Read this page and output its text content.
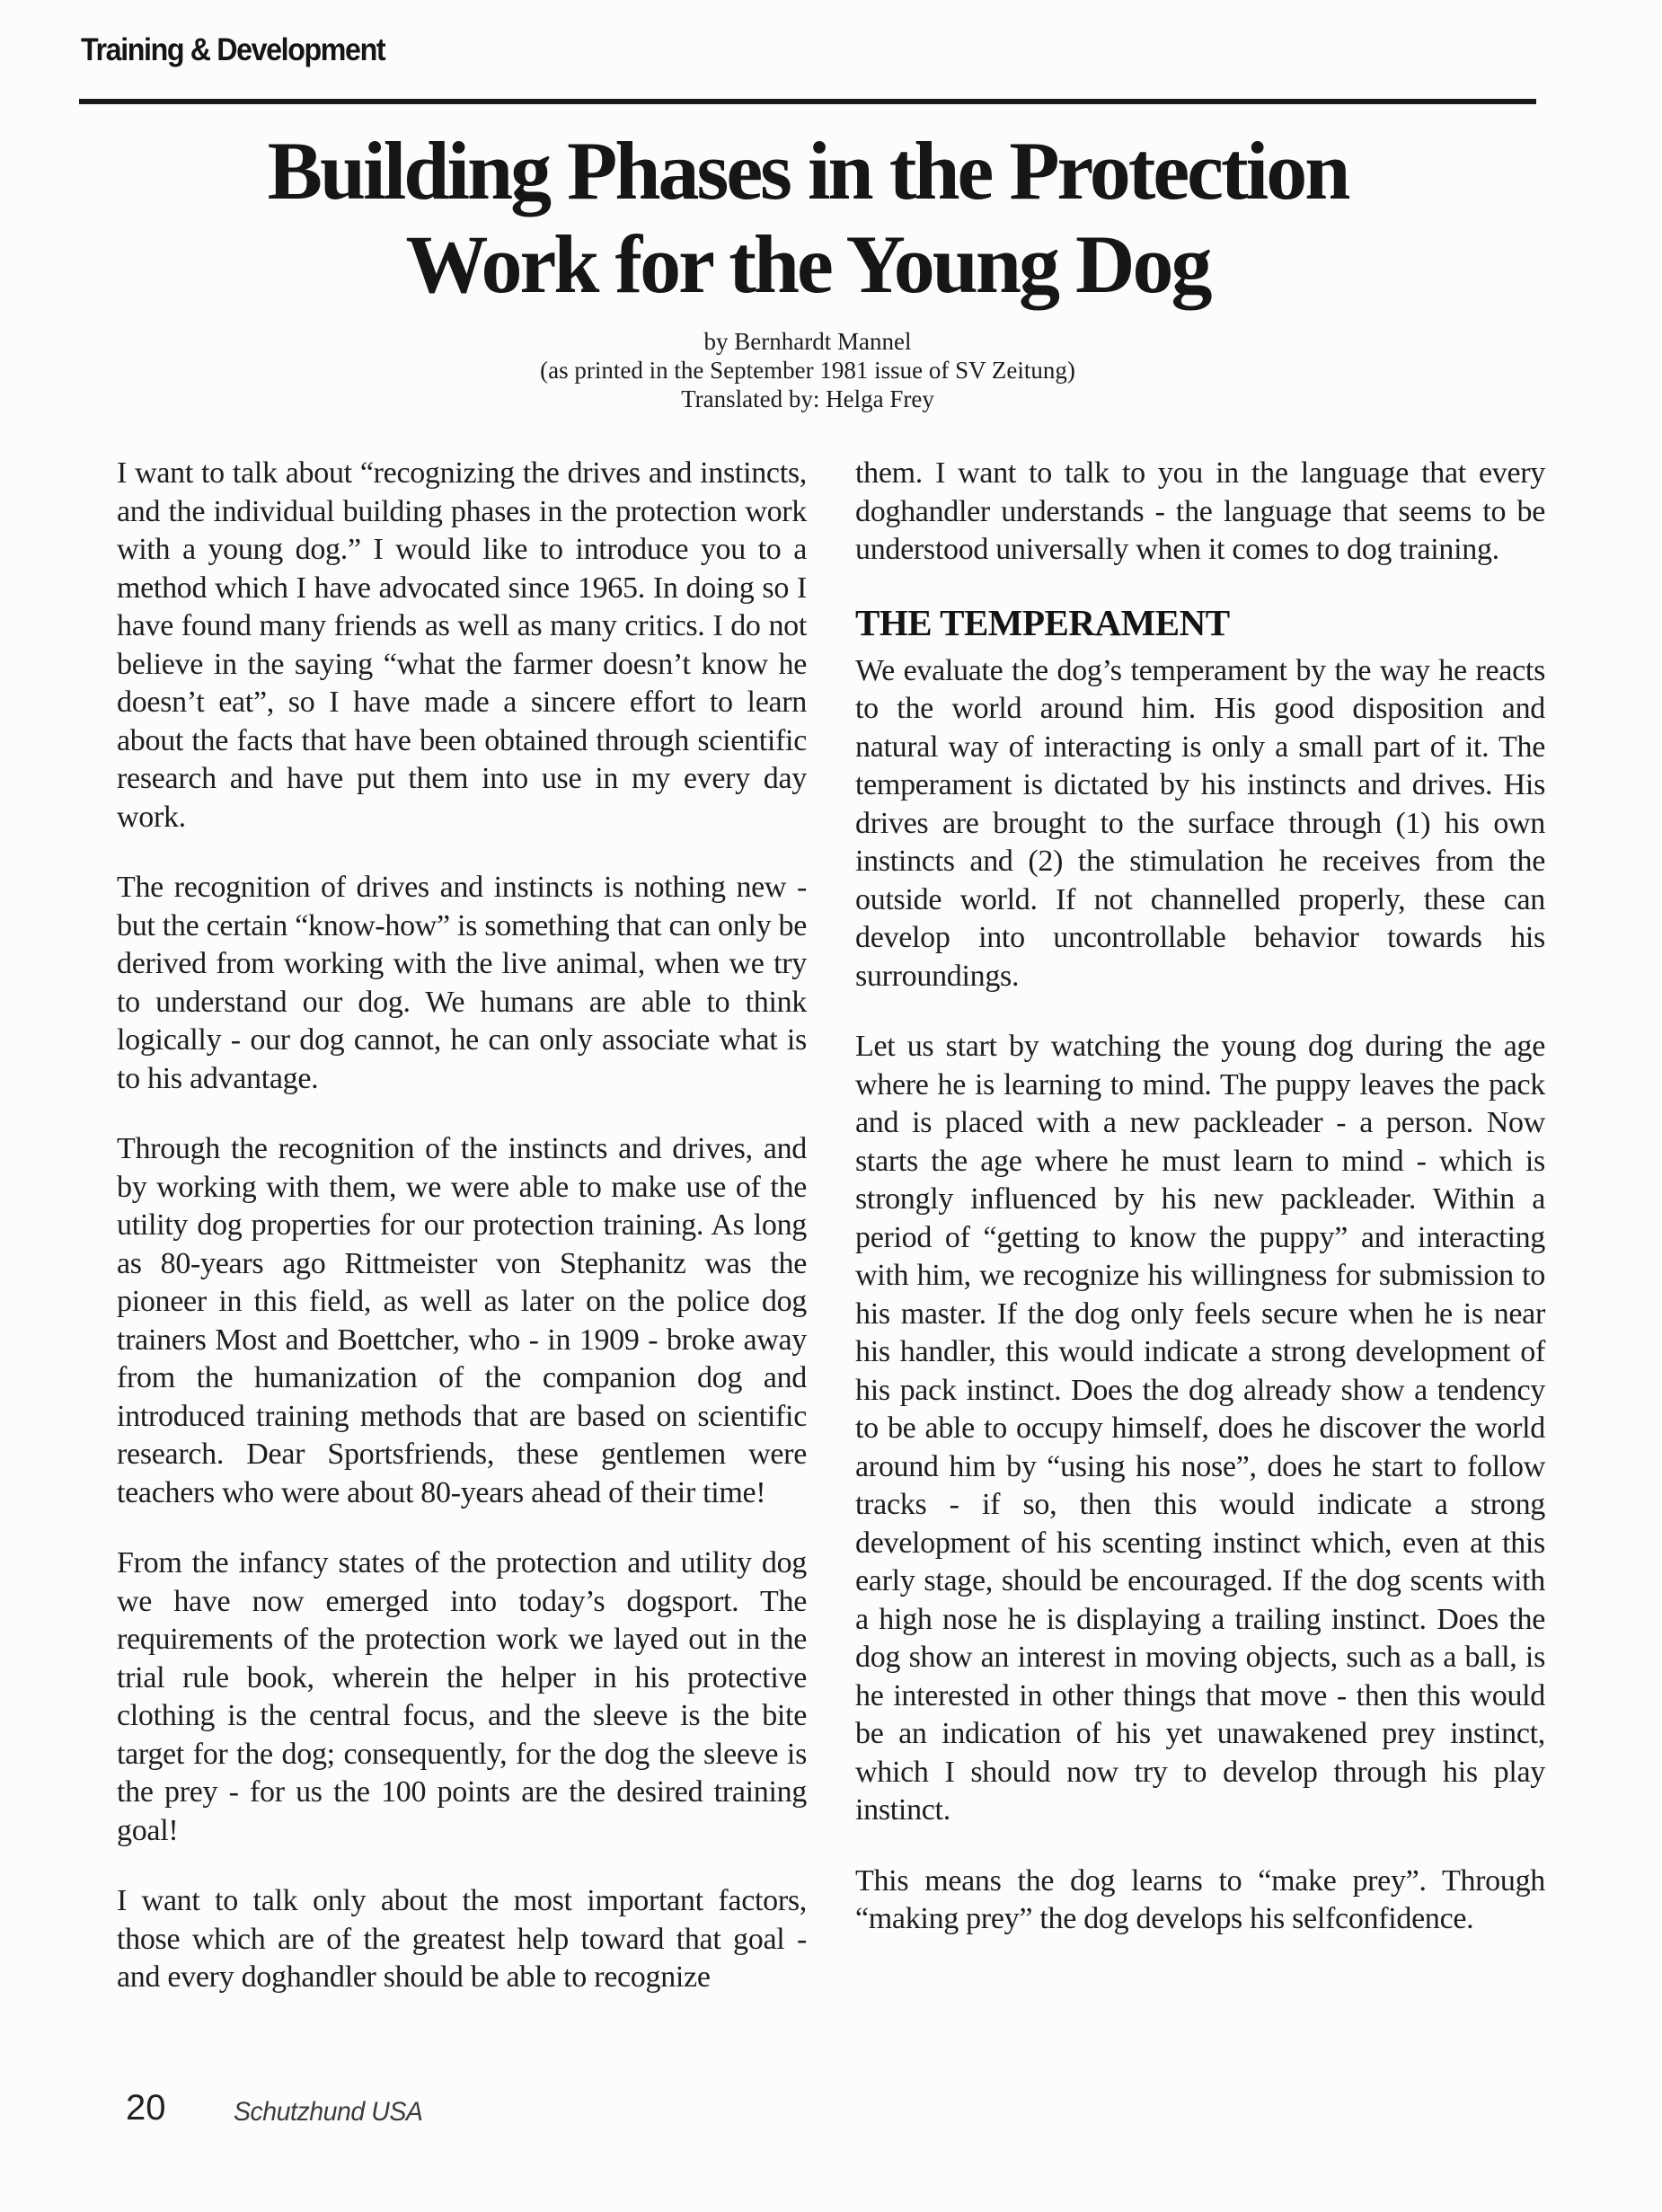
Training & Development
Building Phases in the Protection
Work for the Young Dog
by Bernhardt Mannel
(as printed in the September 1981 issue of SV Zeitung)
Translated by: Helga Frey

I want to talk about “recognizing the drives and instincts, and the individual building phases in the protection work with a young dog.” I would like to introduce you to a method which I have advocated since 1965. In doing so I have found many friends as well as many critics. I do not believe in the saying “what the farmer doesn’t know he doesn’t eat”, so I have made a sincere effort to learn about the facts that have been obtained through scientific research and have put them into use in my every day work.

The recognition of drives and instincts is nothing new - but the certain “know-how” is something that can only be derived from working with the live animal, when we try to understand our dog. We humans are able to think logically - our dog cannot, he can only associate what is to his advantage.

Through the recognition of the instincts and drives, and by working with them, we were able to make use of the utility dog properties for our protection training. As long as 80-years ago Rittmeister von Stephanitz was the pioneer in this field, as well as later on the police dog trainers Most and Boettcher, who - in 1909 - broke away from the humanization of the companion dog and introduced training methods that are based on scientific research. Dear Sportsfriends, these gentlemen were teachers who were about 80-years ahead of their time!

From the infancy states of the protection and utility dog we have now emerged into today’s dogsport. The requirements of the protection work we layed out in the trial rule book, wherein the helper in his protective clothing is the central focus, and the sleeve is the bite target for the dog; consequently, for the dog the sleeve is the prey - for us the 100 points are the desired training goal!

I want to talk only about the most important factors, those which are of the greatest help toward that goal - and every doghandler should be able to recognize

them. I want to talk to you in the language that every doghandler understands - the language that seems to be understood universally when it comes to dog training.

THE TEMPERAMENT

We evaluate the dog’s temperament by the way he reacts to the world around him. His good disposition and natural way of interacting is only a small part of it. The temperament is dictated by his instincts and drives. His drives are brought to the surface through (1) his own instincts and (2) the stimulation he receives from the outside world. If not channelled properly, these can develop into uncontrollable behavior towards his surroundings.

Let us start by watching the young dog during the age where he is learning to mind. The puppy leaves the pack and is placed with a new packleader - a person. Now starts the age where he must learn to mind - which is strongly influenced by his new packleader. Within a period of “getting to know the puppy” and interacting with him, we recognize his willingness for submission to his master. If the dog only feels secure when he is near his handler, this would indicate a strong development of his pack instinct. Does the dog already show a tendency to be able to occupy himself, does he discover the world around him by “using his nose”, does he start to follow tracks - if so, then this would indicate a strong development of his scenting instinct which, even at this early stage, should be encouraged. If the dog scents with a high nose he is displaying a trailing instinct. Does the dog show an interest in moving objects, such as a ball, is he interested in other things that move - then this would be an indication of his yet unawakened prey instinct, which I should now try to develop through his play instinct.

This means the dog learns to “make prey”. Through “making prey” the dog develops his selfconfidence.

20	Schutzhund USA
